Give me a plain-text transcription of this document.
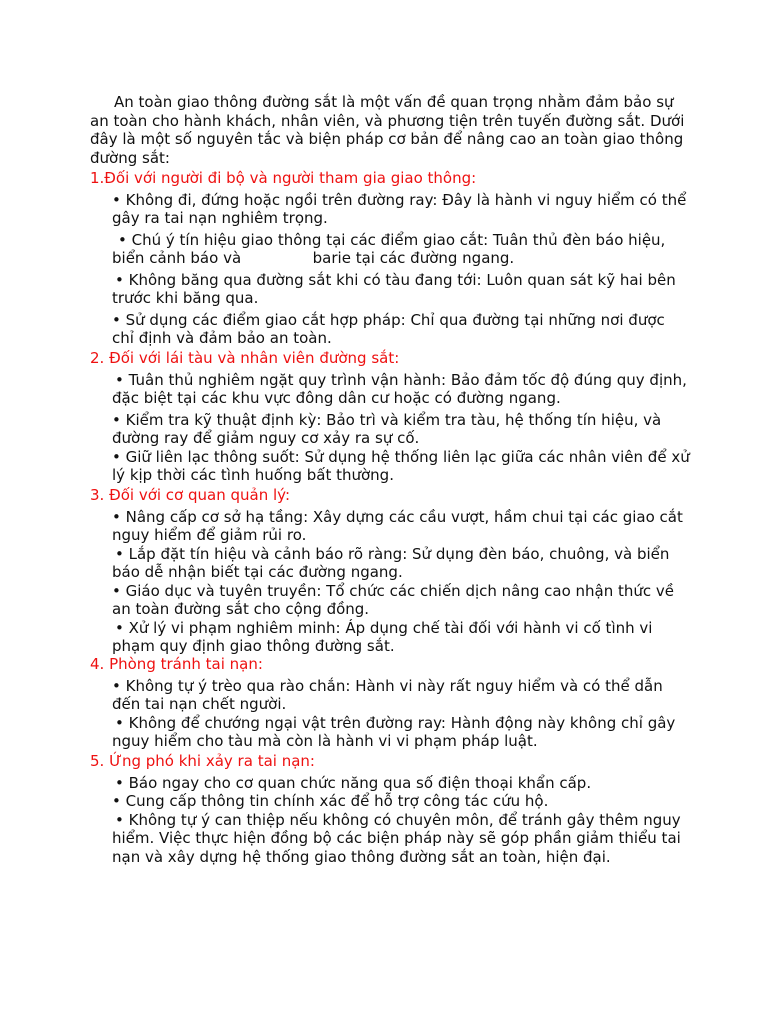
An toàn giao thông đường sắt là một vấn đề quan trọng nhằm đảm bảo sự an toàn cho hành khách, nhân viên, và phương tiện trên tuyến đường sắt. Dưới đây là một số nguyên tắc và biện pháp cơ bản để nâng cao an toàn giao thông đường sắt:

1.Đối với người đi bộ và người tham gia giao thông:

• Không đi, đứng hoặc ngồi trên đường ray: Đây là hành vi nguy hiểm có thể gây ra tai nạn nghiêm trọng.

• Chú ý tín hiệu giao thông tại các điểm giao cắt: Tuân thủ đèn báo hiệu, biển cảnh báo và               barie tại các đường ngang.

• Không băng qua đường sắt khi có tàu đang tới: Luôn quan sát kỹ hai bên trước khi băng qua.

• Sử dụng các điểm giao cắt hợp pháp: Chỉ qua đường tại những nơi được chỉ định và đảm bảo an toàn.

2. Đối với lái tàu và nhân viên đường sắt:

• Tuân thủ nghiêm ngặt quy trình vận hành: Bảo đảm tốc độ đúng quy định, đặc biệt tại các khu vực đông dân cư hoặc có đường ngang.

• Kiểm tra kỹ thuật định kỳ: Bảo trì và kiểm tra tàu, hệ thống tín hiệu, và đường ray để giảm nguy cơ xảy ra sự cố.

• Giữ liên lạc thông suốt: Sử dụng hệ thống liên lạc giữa các nhân viên để xử lý kịp thời các tình huống bất thường.

3. Đối với cơ quan quản lý:

• Nâng cấp cơ sở hạ tầng: Xây dựng các cầu vượt, hầm chui tại các giao cắt nguy hiểm để giảm rủi ro.

• Lắp đặt tín hiệu và cảnh báo rõ ràng: Sử dụng đèn báo, chuông, và biển báo dễ nhận biết tại các đường ngang.

• Giáo dục và tuyên truyền: Tổ chức các chiến dịch nâng cao nhận thức về an toàn đường sắt cho cộng đồng.

• Xử lý vi phạm nghiêm minh: Áp dụng chế tài đối với hành vi cố tình vi phạm quy định giao thông đường sắt.

4. Phòng tránh tai nạn:

• Không tự ý trèo qua rào chắn: Hành vi này rất nguy hiểm và có thể dẫn đến tai nạn chết người.

• Không để chướng ngại vật trên đường ray: Hành động này không chỉ gây nguy hiểm cho tàu mà còn là hành vi vi phạm pháp luật.

5. Ứng phó khi xảy ra tai nạn:

• Báo ngay cho cơ quan chức năng qua số điện thoại khẩn cấp.

• Cung cấp thông tin chính xác để hỗ trợ công tác cứu hộ.

• Không tự ý can thiệp nếu không có chuyên môn, để tránh gây thêm nguy hiểm. Việc thực hiện đồng bộ các biện pháp này sẽ góp phần giảm thiểu tai nạn và xây dựng hệ thống giao thông đường sắt an toàn, hiện đại.
